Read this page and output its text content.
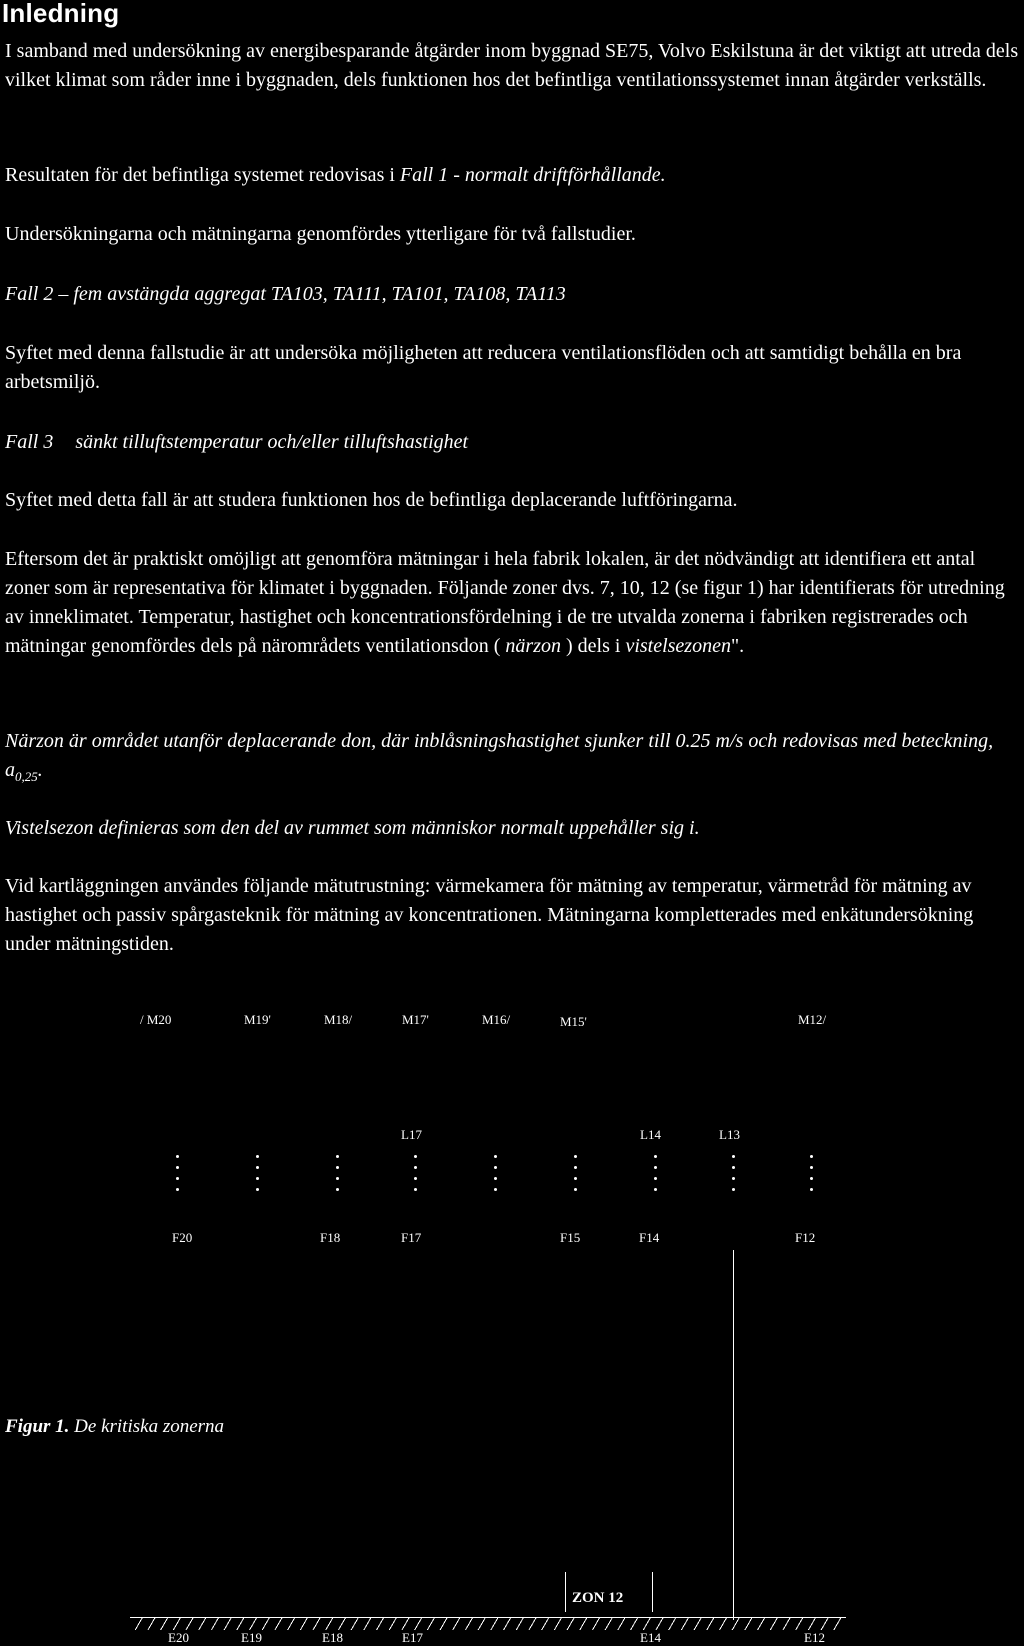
Inledning

I samband med undersökning av energibesparande åtgärder inom byggnad SE75, Volvo Eskilstuna är det viktigt att utreda dels vilket klimat som råder inne i byggnaden, dels funktionen hos det befintliga ventilationssystemet innan åtgärder verkställs.

Resultaten för det befintliga systemet redovisas i Fall 1 - normalt driftförhållande.

Undersökningarna och mätningarna genomfördes ytterligare för två fallstudier.

Fall 2 – fem avstängda aggregat TA103, TA111, TA101, TA108, TA113

Syftet med denna fallstudie är att undersöka möjligheten att reducera ventilationsflöden och att samtidigt behålla en bra arbetsmiljö.

Fall 3 sänkt tilluftstemperatur och/eller tilluftshastighet

Syftet med detta fall är att studera funktionen hos de befintliga deplacerande luftföringarna.

Eftersom det är praktiskt omöjligt att genomföra mätningar i hela fabrik lokalen, är det nödvändigt att identifiera ett antal zoner som är representativa för klimatet i byggnaden. Följande zoner dvs. 7, 10, 12 (se figur 1) har identifierats för utredning av inneklimatet. Temperatur, hastighet och koncentrationsfördelning i de tre utvalda zonerna i fabriken registrerades och mätningar genomfördes dels på närområdets ventilationsdon ( närzon ) dels i vistelsezonen".

Närzon är området utanför deplacerande don, där inblåsningshastighet sjunker till 0.25 m/s och redovisas med beteckning, $a_{0,25}$.

Vistelsezon definieras som den del av rummet som människor normalt uppehåller sig i.

Vid kartläggningen användes följande mätutrustning: värmekamera för mätning av temperatur, värmetråd för mätning av hastighet och passiv spårgasteknik för mätning av koncentrationen. Mätningarna kompletterades med enkätundersökning under mätningstiden.

/ M20	M19'	M18/	M17'	M16/	M15'	M12/
L17	L14	L13
F20	F18	F17	F15	F14	F12
ZON 12
E20	E19	E18	E17	E14	E12
Figur 1. De kritiska zonerna
